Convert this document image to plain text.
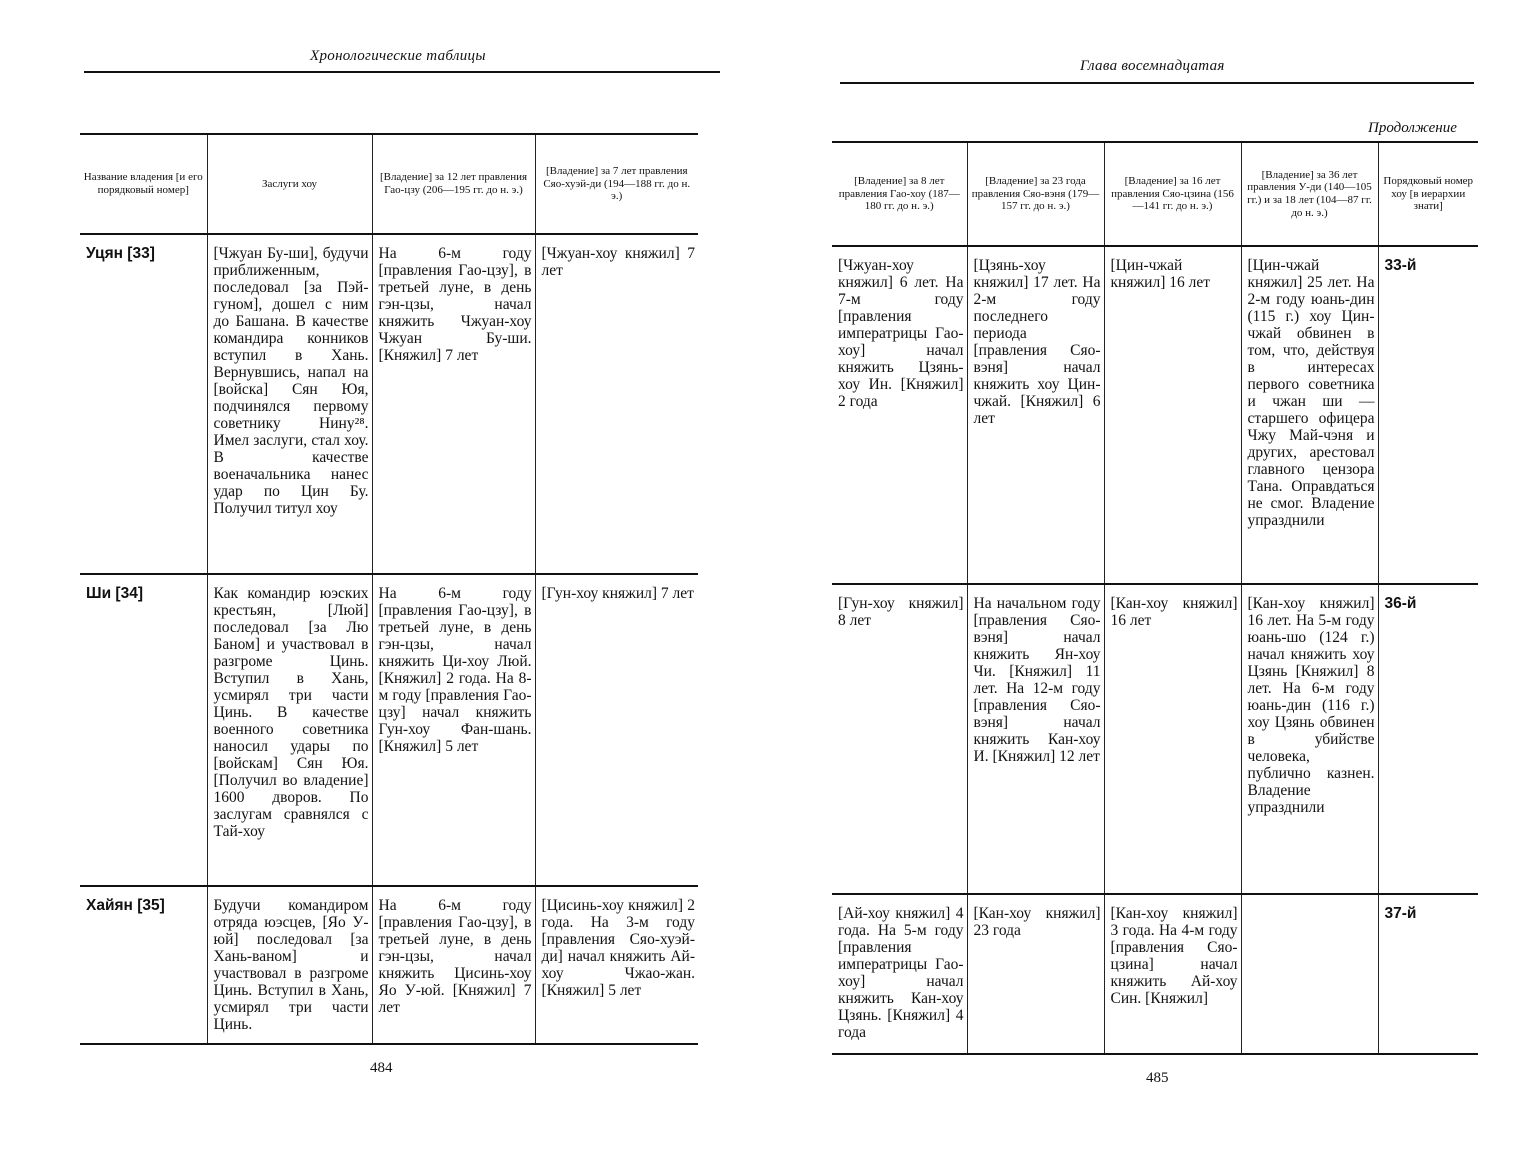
Хронологические таблицы
Название владения [и его порядковый номер]	Заслуги хоу	[Владение] за 12 лет правления Гао-цзу (206—195 гг. до н. э.)	[Владение] за 7 лет правления Сяо-хуэй-ди (194—188 гг. до н. э.)
Уцян [33]	[Чжуан Бу-ши], будучи приближенным, последовал [за Пэй-гуном], дошел с ним до Башана. В качестве командира конников вступил в Хань. Вернувшись, напал на [войска] Сян Юя, подчинялся первому советнику Нину²⁸. Имел заслуги, стал хоу. В качестве военачальника нанес удар по Цин Бу. Получил титул хоу	На 6-м году [правления Гао-цзу], в третьей луне, в день гэн-цзы, начал княжить Чжуан-хоу Чжуан Бу-ши. [Княжил] 7 лет	[Чжуан-хоу княжил] 7 лет
Ши [34]	Как командир юэских крестьян, [Люй] последовал [за Лю Баном] и участвовал в разгроме Цинь. Вступил в Хань, усмирял три части Цинь. В качестве военного советника наносил удары по [войскам] Сян Юя. [Получил во владение] 1600 дворов. По заслугам сравнялся с Тай-хоу	На 6-м году [правления Гао-цзу], в третьей луне, в день гэн-цзы, начал княжить Ци-хоу Люй. [Княжил] 2 года. На 8-м году [правления Гао-цзу] начал княжить Гун-хоу Фан-шань. [Княжил] 5 лет	[Гун-хоу княжил] 7 лет
Хайян [35]	Будучи командиром отряда юэсцев, [Яо У-юй] последовал [за Хань-ваном] и участвовал в разгроме Цинь. Вступил в Хань, усмирял три части Цинь.	На 6-м году [правления Гао-цзу], в третьей луне, в день гэн-цзы, начал княжить Цисинь-хоу Яо У-юй. [Княжил] 7 лет	[Цисинь-хоу княжил] 2 года. На 3-м году [правления Сяо-хуэй-ди] начал княжить Ай-хоу Чжао-жан. [Княжил] 5 лет
484
Глава восемнадцатая
Продолжение
[Владение] за 8 лет правления Гао-хоу (187—180 гг. до н. э.)	[Владение] за 23 года правления Сяо-вэня (179—157 гг. до н. э.)	[Владение] за 16 лет правления Сяо-цзина (156—141 гг. до н. э.)	[Владение] за 36 лет правления У-ди (140—105 гг.) и за 18 лет (104—87 гг. до н. э.)	Порядковый номер хоу [в иерархии знати]
[Чжуан-хоу княжил] 6 лет. На 7-м году [правления императрицы Гао-хоу] начал княжить Цзянь-хоу Ин. [Княжил] 2 года	[Цзянь-хоу княжил] 17 лет. На 2-м году последнего периода [правления Сяо-вэня] начал княжить хоу Цин-чжай. [Княжил] 6 лет	[Цин-чжай княжил] 16 лет	[Цин-чжай княжил] 25 лет. На 2-м году юань-дин (115 г.) хоу Цин-чжай обвинен в том, что, действуя в интересах первого советника и чжан ши — старшего офицера Чжу Май-чэня и других, арестовал главного цензора Тана. Оправдаться не смог. Владение упразднили	33-й
[Гун-хоу княжил] 8 лет	На начальном году [правления Сяо-вэня] начал княжить Ян-хоу Чи. [Княжил] 11 лет. На 12-м году [правления Сяо-вэня] начал княжить Кан-хоу И. [Княжил] 12 лет	[Кан-хоу княжил] 16 лет	[Кан-хоу княжил] 16 лет. На 5-м году юань-шо (124 г.) начал княжить хоу Цзянь [Княжил] 8 лет. На 6-м году юань-дин (116 г.) хоу Цзянь обвинен в убийстве человека, публично казнен. Владение упразднили	36-й
[Ай-хоу княжил] 4 года. На 5-м году [правления императрицы Гао-хоу] начал княжить Кан-хоу Цзянь. [Княжил] 4 года	[Кан-хоу княжил] 23 года	[Кан-хоу княжил] 3 года. На 4-м году [правления Сяо-цзина] начал княжить Ай-хоу Син. [Княжил]		37-й
485
